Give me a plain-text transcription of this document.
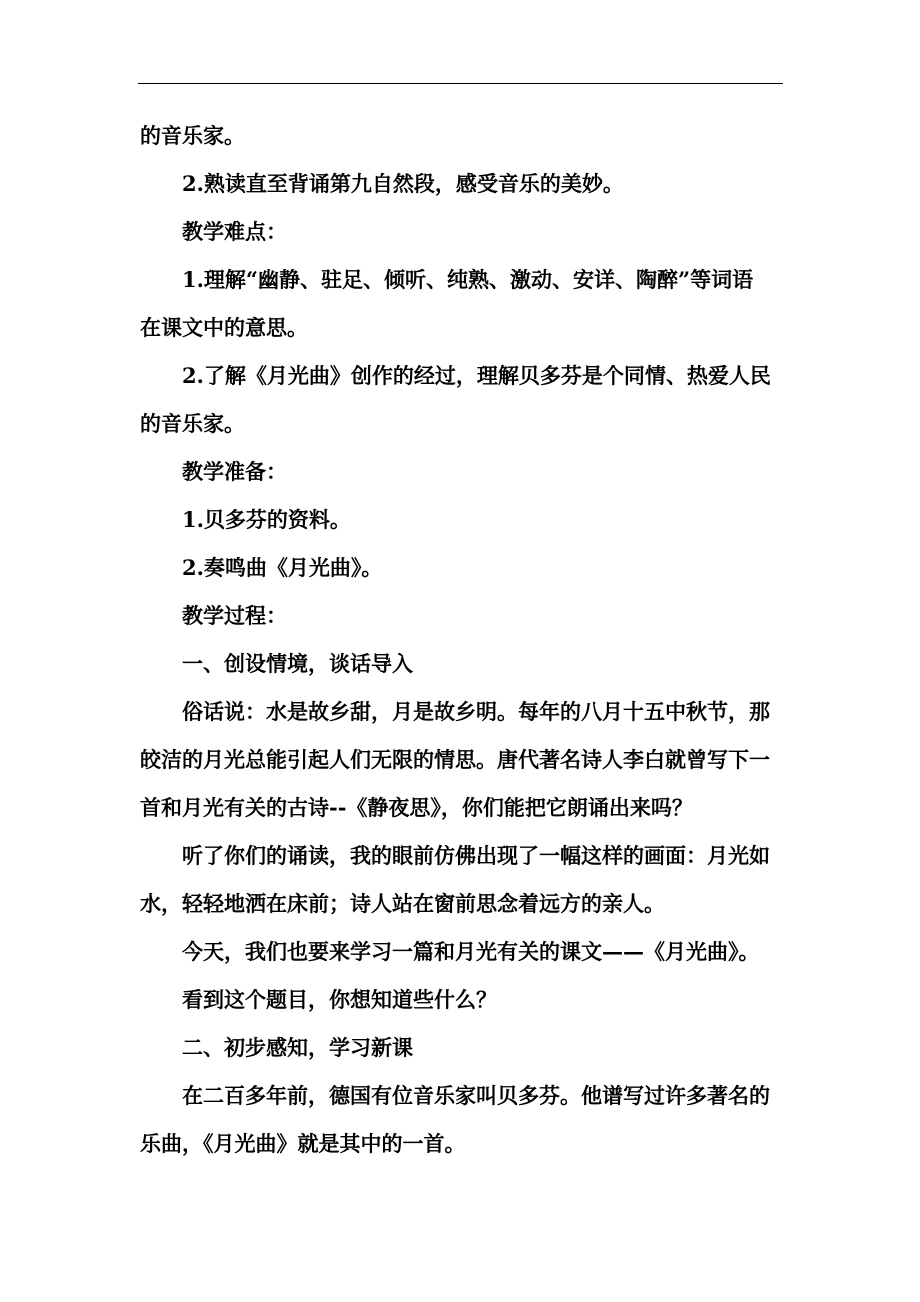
的音乐家。
2.熟读直至背诵第九自然段，感受音乐的美妙。
教学难点：
1.理解“幽静、驻足、倾听、纯熟、激动、安详、陶醉”等词语
在课文中的意思。
2.了解《月光曲》创作的经过，理解贝多芬是个同情、热爱人民
的音乐家。
教学准备：
1.贝多芬的资料。
2.奏鸣曲《月光曲》。
教学过程：
一、创设情境，谈话导入
俗话说：水是故乡甜，月是故乡明。每年的八月十五中秋节，那
皎洁的月光总能引起人们无限的情思。唐代著名诗人李白就曾写下一
首和月光有关的古诗--《静夜思》，你们能把它朗诵出来吗？
听了你们的诵读，我的眼前仿佛出现了一幅这样的画面：月光如
水，轻轻地洒在床前；诗人站在窗前思念着远方的亲人。
今天，我们也要来学习一篇和月光有关的课文——《月光曲》。
看到这个题目，你想知道些什么？
二、初步感知，学习新课
在二百多年前，德国有位音乐家叫贝多芬。他谱写过许多著名的
乐曲，《月光曲》就是其中的一首。
